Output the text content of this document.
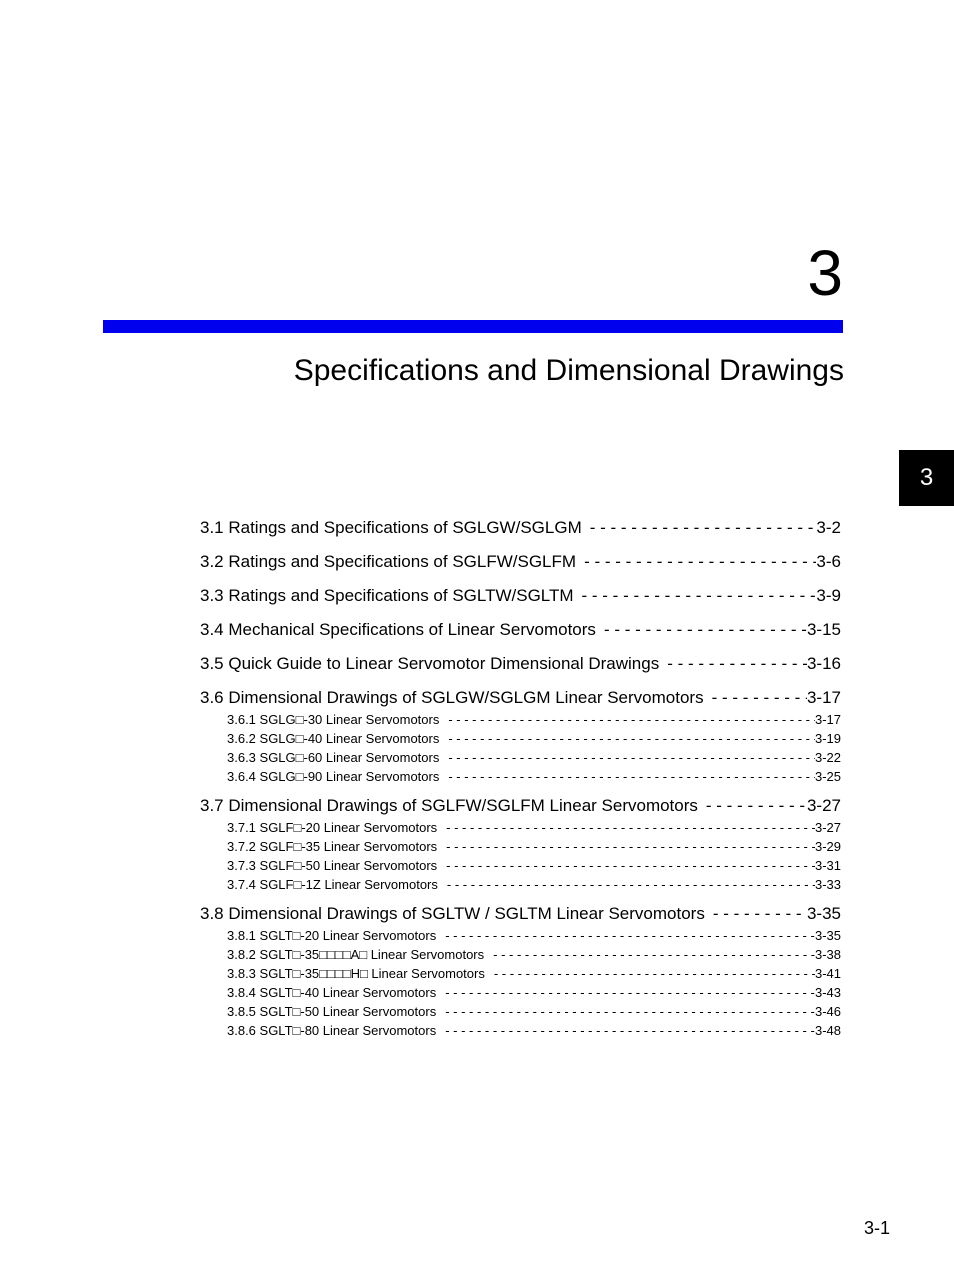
3
Specifications and Dimensional Drawings
3
3.1 Ratings and Specifications of SGLGW/SGLGM - - -	3-2
3.2 Ratings and Specifications of SGLFW/SGLFM - - -	3-6
3.3 Ratings and Specifications of SGLTW/SGLTM - - -	3-9
3.4 Mechanical Specifications of Linear Servomotors - - -	3-15
3.5 Quick Guide to Linear Servomotor Dimensional Drawings - - -	3-16
3.6 Dimensional Drawings of SGLGW/SGLGM Linear Servomotors - - -	3-17
3.6.1 SGLG□-30 Linear Servomotors - - -	3-17
3.6.2 SGLG□-40 Linear Servomotors - - -	3-19
3.6.3 SGLG□-60 Linear Servomotors - - -	3-22
3.6.4 SGLG□-90 Linear Servomotors - - -	3-25
3.7 Dimensional Drawings of SGLFW/SGLFM Linear Servomotors - - -	3-27
3.7.1 SGLF□-20 Linear Servomotors - - -	3-27
3.7.2 SGLF□-35 Linear Servomotors - - -	3-29
3.7.3 SGLF□-50 Linear Servomotors - - -	3-31
3.7.4 SGLF□-1Z Linear Servomotors - - -	3-33
3.8 Dimensional Drawings of SGLTW / SGLTM Linear Servomotors - - -	3-35
3.8.1 SGLT□-20 Linear Servomotors - - -	3-35
3.8.2 SGLT□-35□□□□A□ Linear Servomotors - - -	3-38
3.8.3 SGLT□-35□□□□H□ Linear Servomotors - - -	3-41
3.8.4 SGLT□-40 Linear Servomotors - - -	3-43
3.8.5 SGLT□-50 Linear Servomotors - - -	3-46
3.8.6 SGLT□-80 Linear Servomotors - - -	3-48
3-1
